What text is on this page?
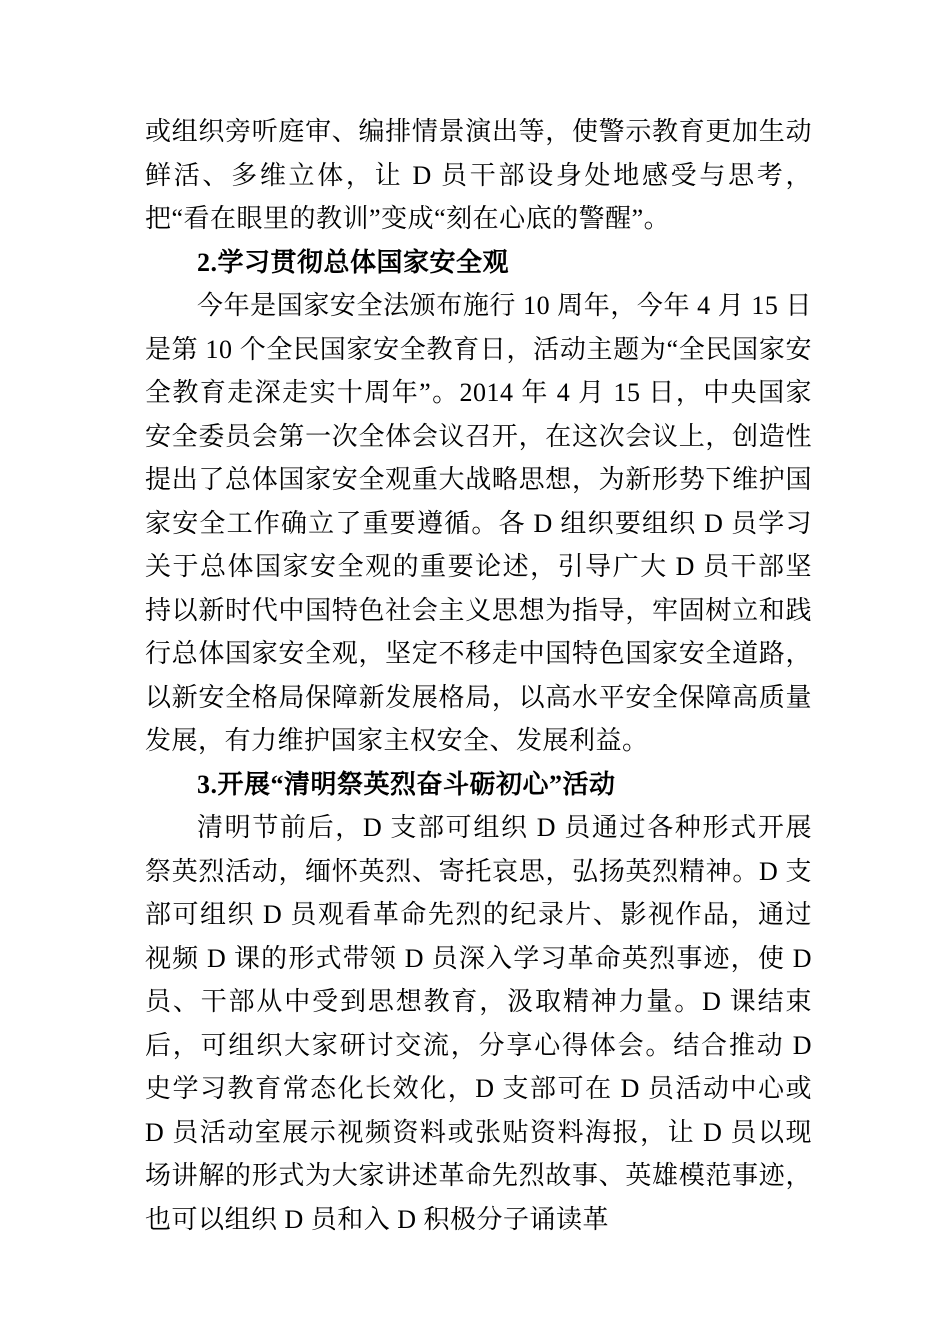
或组织旁听庭审、编排情景演出等，使警示教育更加生动鲜活、多维立体，让 D 员干部设身处地感受与思考，把“看在眼里的教训”变成“刻在心底的警醒”。

2.学习贯彻总体国家安全观

今年是国家安全法颁布施行 10 周年，今年 4 月 15 日是第 10 个全民国家安全教育日，活动主题为“全民国家安全教育走深走实十周年”。2014 年 4 月 15 日，中央国家安全委员会第一次全体会议召开，在这次会议上，创造性提出了总体国家安全观重大战略思想，为新形势下维护国家安全工作确立了重要遵循。各 D 组织要组织 D 员学习关于总体国家安全观的重要论述，引导广大 D 员干部坚持以新时代中国特色社会主义思想为指导，牢固树立和践行总体国家安全观，坚定不移走中国特色国家安全道路，以新安全格局保障新发展格局，以高水平安全保障高质量发展，有力维护国家主权安全、发展利益。

3.开展“清明祭英烈奋斗砺初心”活动

清明节前后，D 支部可组织 D 员通过各种形式开展祭英烈活动，缅怀英烈、寄托哀思，弘扬英烈精神。D 支部可组织 D 员观看革命先烈的纪录片、影视作品，通过视频 D 课的形式带领 D 员深入学习革命英烈事迹，使 D 员、干部从中受到思想教育，汲取精神力量。D 课结束后，可组织大家研讨交流，分享心得体会。结合推动 D 史学习教育常态化长效化，D 支部可在 D 员活动中心或 D 员活动室展示视频资料或张贴资料海报，让 D 员以现场讲解的形式为大家讲述革命先烈故事、英雄模范事迹，也可以组织 D 员和入 D 积极分子诵读革
